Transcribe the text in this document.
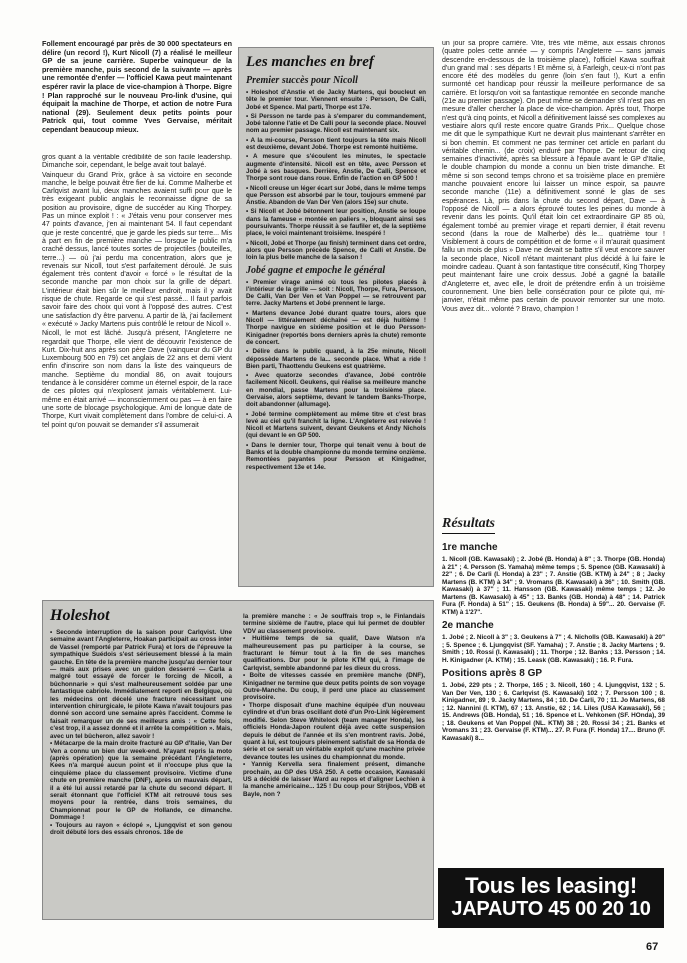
Follement encouragé par près de 30 000 spectateurs en délire (un record !), Kurt Nicoll (7) a réalisé le meilleur GP de sa jeune carrière. Superbe vainqueur de la première manche, puis second de la suivante — après une remontée d'enfer — l'officiel Kawa peut maintenant espérer ravir la place de vice-champion à Thorpe. Bigre ! Plan rapproché sur le nouveau Pro-link d'usine, qui équipait la machine de Thorpe, et action de notre Fura national (29). Seulement deux petits points pour Patrick qui, tout comme Yves Gervaise, méritait cependant beaucoup mieux.

gros quant à la véritable crédibilité de son facile leadership. Dimanche soir, cependant, le belge avait tout balayé.

Vainqueur du Grand Prix, grâce à sa victoire en seconde manche, le belge pouvait être fier de lui. Comme Malherbe et Carlqvist avant lui, deux manches avaient suffi pour que le très exigeant public anglais le reconnaisse digne de sa position au provisoire, digne de succéder au King Thorpey. Pas un mince exploit ! : « J'étais venu pour conserver mes 47 points d'avance, j'en ai maintenant 54. Il faut cependant que je reste concentré, que je garde les pieds sur terre... Mis à part en fin de première manche — lorsque le public m'a craché dessus, lancé toutes sortes de projectiles (bouteilles, terre...) — où j'ai perdu ma concentration, alors que je revenais sur Nicoll, tout s'est parfaitement déroulé. Je suis également très content d'avoir « forcé » le résultat de la seconde manche par mon choix sur la grille de départ. L'intérieur était bien sûr le meilleur endroit, mais il y avait risque de chute. Regarde ce qui s'est passé... Il faut parfois savoir faire des choix qui vont à l'opposé des autres. C'est une satisfaction d'y être parvenu. A partir de là, j'ai facilement « exécuté » Jacky Martens puis contrôlé le retour de Nicoll ».

Nicoll, le mot est lâché. Jusqu'à présent, l'Angleterre ne regardait que Thorpe, elle vient de découvrir l'existence de Kurt. Dix-huit ans après son père Dave (vainqueur du GP du Luxembourg 500 en 79) cet anglais de 22 ans et demi vient enfin d'inscrire son nom dans la liste des vainqueurs de manche. Septième du mondial 86, on avait toujours tendance à le considérer comme un éternel espoir, de la race de ces pilotes qui n'explosent jamais véritablement. Lui-même en était arrivé — inconsciemment ou pas — à en faire une sorte de blocage psychologique. Ami de longue date de Thorpe, Kurt vivait complètement dans l'ombre de celui-ci. A tel point qu'on pouvait se demander s'il assumerait

Les manches en bref
Premier succès pour Nicoll
• Holeshot d'Anstie et de Jacky Martens, qui boucleut en tête le premier tour. Viennent ensuite : Persson, De Calli, Jobé et Spence. Mal parti, Thorpe est 17e.
• Si Persson ne tarde pas à s'emparer du commandement, Jobé talonne l'atie et De Calli pour la seconde place. Nouvel nom au premier passage. Nicoll est maintenant six.
• A la mi-course, Persson tient toujours la tête mais Nicoll est deuxième, devant Jobé. Thorpe est remonté huitième.
• A mesure que s'écoulent les minutes, le spectacle augmente d'intensité. Nicoll est en tête, avec Persson et Jobé à ses basques. Derrière, Anstie, De Calli, Spence et Thorpe sont roue dans roue. Enfin de l'action en GP 500 !
• Nicoll creuse un léger écart sur Jobé, dans le même temps que Persson est absorbé par le tour, toujours emmené par Anstie. Abandon de Van Der Ven (alors 15e) sur chute.
• Si Nicoll et Jobé bétonnent leur position, Anstie se loupe dans la fameuse « montée en paliers », bloquant ainsi ses poursuivants. Thorpe réussit à se faufiler et, de la septième place, le voici maintenant troisième. Inespéré !
• Nicoll, Jobé et Thorpe (au finish) terminent dans cet ordre, alors que Persson précède Spence, de Calli et Anstie. De loin la plus belle manche de la saison !
Jobé gagne et empoche le général
• Premier virage animé où tous les pilotes placés à l'intérieur de la grille — soit : Nicoll, Thorpe, Fura, Persson, De Calli, Van Der Ven et Van Poppel — se retrouvent par terre. Jacky Martens et Jobé prennent le large.
• Martens devance Jobé durant quatre tours, alors que Nicoll — littéralement déchaîné — est déjà huitième ! Thorpe navigue en sixième position et le duo Persson-Kinigadner (reportés bons derniers après la chute) remonte de concert.
• Délire dans le public quand, à la 25e minute, Nicoll dépossède Martens de la... seconde place. What a ride ! Bien parti, Thaottendu Geukens est quatrième.
• Avec quatorze secondes d'avance, Jobé contrôle facilement Nicoll. Geukens, qui réalise sa meilleure manche en mondial, passe Martens pour la troisième place. Gervaise, alors septième, devant le tandem Banks-Thorpe, doit abandonner (allumage).
• Jobé termine complètement au même titre et c'est bras levé au ciel qu'il franchit la ligne. L'Angleterre est relevée ! Nicoll et Martens suivent, devant Geukens et Andy Nichols (qui devant le en GP 500.
• Dans le dernier tour, Thorpe qui tenait venu à bout de Banks et la double championne du monde termine onzième. Remontées payantes pour Persson et Kinigadner, respectivement 13e et 14e.

un jour sa propre carrière. Vite, très vite même, aux essais chronos (quatre poles cette année — y compris l'Angleterre — sans jamais descendre en-dessous de la troisième place), l'officiel Kawa souffrait d'un grand mal : ses départs ! Et même si, à Farleigh, ceux-ci n'ont pas encore été des modèles du genre (loin s'en faut !), Kurt a enfin surmonté cet handicap pour réussir la meilleure performance de sa carrière. Et lorsqu'on voit sa fantastique remontée en seconde manche (21e au premier passage). On peut même se demander s'il n'est pas en mesure d'aller chercher la place de vice-champion. Après tout, Thorpe n'est qu'à cinq points, et Nicoll a définitivement laissé ses complexes au vestiaire alors qu'il reste encore quatre Grands Prix... Quelque chose me dit que le sympathique Kurt ne devrait plus maintenant s'arrêter en si bon chemin. Et comment ne pas terminer cet article en parlant du véritable chemin... (de croix) enduré par Thorpe. De retour de cinq semaines d'inactivité, après sa blessure à l'épaule avant le GP d'Italie, le double champion du monde a connu un bien triste dimanche. Et même si son second temps chrono et sa troisième place en première manche pouvaient encore lui laisser un mince espoir, sa pauvre seconde manche (11e) a définitivement sonné le glas de ses espérances. Là, pris dans la chute du second départ, Dave — à l'opposé de Nicoll — a alors éprouvé toutes les peines du monde à revenir dans les points. Qu'il était loin cet extraordinaire GP 85 où, également tombé au premier virage et reparti dernier, il était revenu second (dans la roue de Malherbe) dès le... quatrième tour ! Visiblement à cours de compétition et de forme « il m'aurait quasiment fallu un mois de plus » Dave ne devait se battre s'il veut encore sauver la seconde place, Nicoll n'étant maintenant plus décidé à lui faire le moindre cadeau. Quant à son fantastique titre consécutif, King Thorpey peut maintenant faire une croix dessus. Jobé a gagné la bataille d'Angleterre et, avec elle, le droit de prétendre enfin à un troisième couronnement. Une bien belle consécration pour ce pilote qui, mi-janvier, n'était même pas certain de pouvoir remonter sur une moto. Vous avez dit... volonté ? Bravo, champion !

Résultats
1re manche
1. Nicoll (GB. Kawasaki) ; 2. Jobé (B. Honda) à 8" ; 3. Thorpe (GB. Honda) à 21" ; 4. Persson (S. Yamaha) même temps ; 5. Spence (GB. Kawasaki) à 22" ; 6. De Carli (I. Honda) à 23" ; 7. Anstie (GB. KTM) à 24" ; 8 ; Jacky Martens (B. KTM) à 34" ; 9. Vromans (B. Kawasaki) à 36" ; 10. Smith (GB. Kawasaki) à 37" ; 11. Hansson (GB. Kawasaki) même temps ; 12. Jo Martens (B. Kawasaki) à 45" ; 13. Banks (GB. Honda) à 48" ; 14. Patrick Fura (F. Honda) à 51" ; 15. Geukens (B. Honda) à 59"... 20. Gervaise (F. KTM) à 1'27".
2e manche
1. Jobé ; 2. Nicoll à 3" ; 3. Geukens à 7" ; 4. Nicholls (GB. Kawasaki) à 20" ; 5. Spence ; 6. Ljungqvist (SF. Yamaha) ; 7. Anstie ; 8. Jacky Martens ; 9. Smith ; 10. Rossi (I. Kawasaki) ; 11. Thorpe ; 12. Banks ; 13. Persson ; 14. H. Kinigadner (A. KTM) ; 15. Leask (GB. Kawasaki) ; 16. P. Fura.
Positions après 8 GP
1. Jobé, 229 pts ; 2. Thorpe, 165 ; 3. Nicoll, 160 ; 4. Ljungqvist, 132 ; 5. Van Der Ven, 130 ; 6. Carlqvist (S. Kawasaki) 102 ; 7. Persson 100 ; 8. Kinigadner, 89 ; 9. Jacky Martens, 84 ; 10. De Carli, 70 ; 11. Jo Martens, 68 ; 12. Nannini (I. KTM), 67 ; 13. Anstie, 62 ; 14. Liles (USA Kawasaki), 56 ; 15. Andrews (GB. Honda), 51 ; 16. Spence et L. Vehkonen (SF. HOnda), 39 ; 18. Geukens et Van Poppel (NL. KTM) 38 ; 20. Rossi 34 ; 21. Banks et Vromans 31 ; 23. Gervaise (F. KTM)... 27. P. Fura (F. Honda) 17.... Bruno (F. Kawasaki) 8...
Tous les leasing!
JAPAUTO 45 00 20 10
Holeshot
• Seconde interruption de la saison pour Carlqvist. Une semaine avant l'Angleterre, Hoakan participait au cross inter de Vassel (remporté par Patrick Fura) et lors de l'épreuve la sympathique Suédois s'est sérieusement blessé à la main gauche. En tête de la première manche jusqu'au dernier tour — mais aux prises avec un guidon desserré — Carla a malgré tout essayé de forcer le forcing de Nicoll, a bûchonnarie » qui s'est malheureusement soldée par une fantastique cabriole. Immédiatement reporti en Belgique, où les médecins ont décelé une fracture nécessitant une intervention chirurgicale, le pilote Kawa n'avait toujours pas donné son accord une semaine après l'accident. Comme le faisait remarquer un de ses meilleurs amis : « Cette fois, c'est trop, il a assez donné et il arrête la compétition ». Mais, avec un tel bûcheron, allez savoir !
• Métacarpe de la main droite fracturé au GP d'Italie, Van Der Ven a connu un bien dur week-end. N'ayant repris la moto (après opération) que la semaine précédant l'Angleterre, Kees n'a marqué aucun point et il n'occupe plus que la cinquième place du classement provisoire. Victime d'une chute en première manche (DNF), après un mauvais départ, il a été lui aussi retardé par la chute du second départ. Il serait étonnant que l'officiel KTM ait retrouvé tous ses moyens pour la rentrée, dans trois semaines, du Championnat pour le GP de Hollande, ce dimanche. Dommage !
• Toujours au rayon « éclopé », Ljungqvist et son genou droit débuté lors des essais chronos. 18e de
la première manche : « Je souffrais trop », le Finlandais termine sixième de l'autre, place qui lui permet de doubler VDV au classement provisoire.
• Huitième temps de sa qualif, Dave Watson n'a malheureusement pas pu participer à la course, se fracturant le fémur tout à la fin de ses manches qualifications. Dur pour le pilote KTM qui, à l'image de Carlqvist, semble abandonné par les dieux du cross.
• Boîte de vitesses cassée en première manche (DNF), Kinigadner ne termine que deux petits points de son voyage Outre-Manche. Du coup, il perd une place au classement provisoire.
• Thorpe disposait d'une machine équipée d'un nouveau cylindre et d'un bras oscillant doté d'un Pro-Link légèrement modifié. Selon Steve Whitelock (team manager Honda), les officiels Honda-Japon roulent déjà avec cette suspension depuis le début de l'année et ils s'en montrent ravis. Jobé, quant à lui, est toujours pleinement satisfait de sa Honda de série et ce serait un véritable exploit qu'une machine privée devance toutes les usines du championnat du monde.
• Yannig Kervella sera finalement présent, dimanche prochain, au GP des USA 250. A cette occasion, Kawasaki US a décidé de laisser Ward au repos et d'aligner Lechien à la manche américaine... 125 ! Du coup pour Strijbos, VDB et Bayle, non ?
67
